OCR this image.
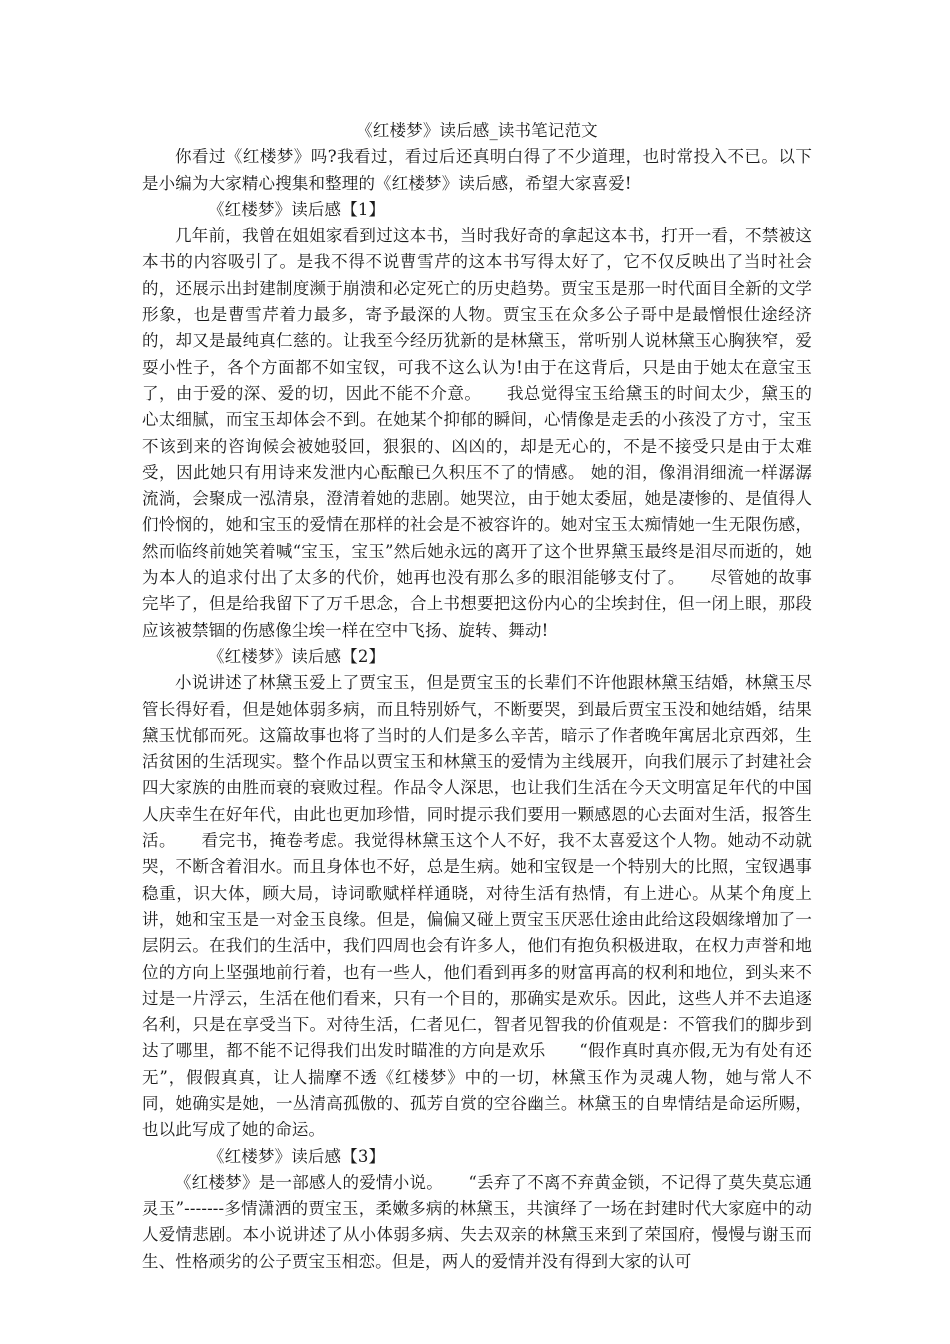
《红楼梦》读后感_读书笔记范文

你看过《红楼梦》吗?我看过，看过后还真明白得了不少道理，也时常投入不已。以下是小编为大家精心搜集和整理的《红楼梦》读后感，希望大家喜爱!

《红楼梦》读后感【1】

几年前，我曾在姐姐家看到过这本书，当时我好奇的拿起这本书，打开一看，不禁被这本书的内容吸引了。是我不得不说曹雪芹的这本书写得太好了，它不仅反映出了当时社会的，还展示出封建制度濒于崩溃和必定死亡的历史趋势。贾宝玉是那一时代面目全新的文学形象，也是曹雪芹着力最多，寄予最深的人物。贾宝玉在众多公子哥中是最憎恨仕途经济的，却又是最纯真仁慈的。让我至今经历犹新的是林黛玉，常听别人说林黛玉心胸狭窄，爱耍小性子，各个方面都不如宝钗，可我不这么认为!由于在这背后，只是由于她太在意宝玉了，由于爱的深、爱的切，因此不能不介意。　　我总觉得宝玉给黛玉的时间太少，黛玉的心太细腻，而宝玉却体会不到。在她某个抑郁的瞬间，心情像是走丢的小孩没了方寸，宝玉不该到来的咨询候会被她驳回，狠狠的、凶凶的，却是无心的，不是不接受只是由于太难受，因此她只有用诗来发泄内心酝酿已久积压不了的情感。 她的泪，像涓涓细流一样潺潺流淌，会聚成一泓清泉，澄清着她的悲剧。她哭泣，由于她太委屈，她是凄惨的、是值得人们怜悯的，她和宝玉的爱情在那样的社会是不被容许的。她对宝玉太痴情她一生无限伤感，然而临终前她笑着喊“宝玉，宝玉”然后她永远的离开了这个世界黛玉最终是泪尽而逝的，她为本人的追求付出了太多的代价，她再也没有那么多的眼泪能够支付了。　　尽管她的故事完毕了，但是给我留下了万千思念，合上书想要把这份内心的尘埃封住，但一闭上眼，那段应该被禁锢的伤感像尘埃一样在空中飞扬、旋转、舞动!

《红楼梦》读后感【2】

小说讲述了林黛玉爱上了贾宝玉，但是贾宝玉的长辈们不许他跟林黛玉结婚，林黛玉尽管长得好看，但是她体弱多病，而且特别娇气，不断要哭，到最后贾宝玉没和她结婚，结果黛玉忧郁而死。这篇故事也将了当时的人们是多么辛苦，暗示了作者晚年寓居北京西郊，生活贫困的生活现实。整个作品以贾宝玉和林黛玉的爱情为主线展开，向我们展示了封建社会四大家族的由胜而衰的衰败过程。作品令人深思，也让我们生活在今天文明富足年代的中国人庆幸生在好年代，由此也更加珍惜，同时提示我们要用一颗感恩的心去面对生活，报答生活。　　看完书，掩卷考虑。我觉得林黛玉这个人不好，我不太喜爱这个人物。她动不动就哭，不断含着泪水。而且身体也不好，总是生病。她和宝钗是一个特别大的比照，宝钗遇事稳重，识大体，顾大局，诗词歌赋样样通晓，对待生活有热情，有上进心。从某个角度上讲，她和宝玉是一对金玉良缘。但是，偏偏又碰上贾宝玉厌恶仕途由此给这段姻缘增加了一层阴云。在我们的生活中，我们四周也会有许多人，他们有抱负积极进取，在权力声誉和地位的方向上坚强地前行着，也有一些人，他们看到再多的财富再高的权利和地位，到头来不过是一片浮云，生活在他们看来，只有一个目的，那确实是欢乐。因此，这些人并不去追逐名利，只是在享受当下。对待生活，仁者见仁，智者见智我的价值观是：不管我们的脚步到达了哪里，都不能不记得我们出发时瞄准的方向是欢乐　　“假作真时真亦假,无为有处有还无”，假假真真，让人揣摩不透《红楼梦》中的一切，林黛玉作为灵魂人物，她与常人不同，她确实是她，一丛清高孤傲的、孤芳自赏的空谷幽兰。林黛玉的自卑情结是命运所赐，也以此写成了她的命运。

《红楼梦》读后感【3】

《红楼梦》是一部感人的爱情小说。　　“丢弃了不离不弃黄金锁，不记得了莫失莫忘通灵玉”-------多情潇洒的贾宝玉，柔嫩多病的林黛玉，共演绎了一场在封建时代大家庭中的动人爱情悲剧。本小说讲述了从小体弱多病、失去双亲的林黛玉来到了荣国府，慢慢与谢玉而生、性格顽劣的公子贾宝玉相恋。但是，两人的爱情并没有得到大家的认可
